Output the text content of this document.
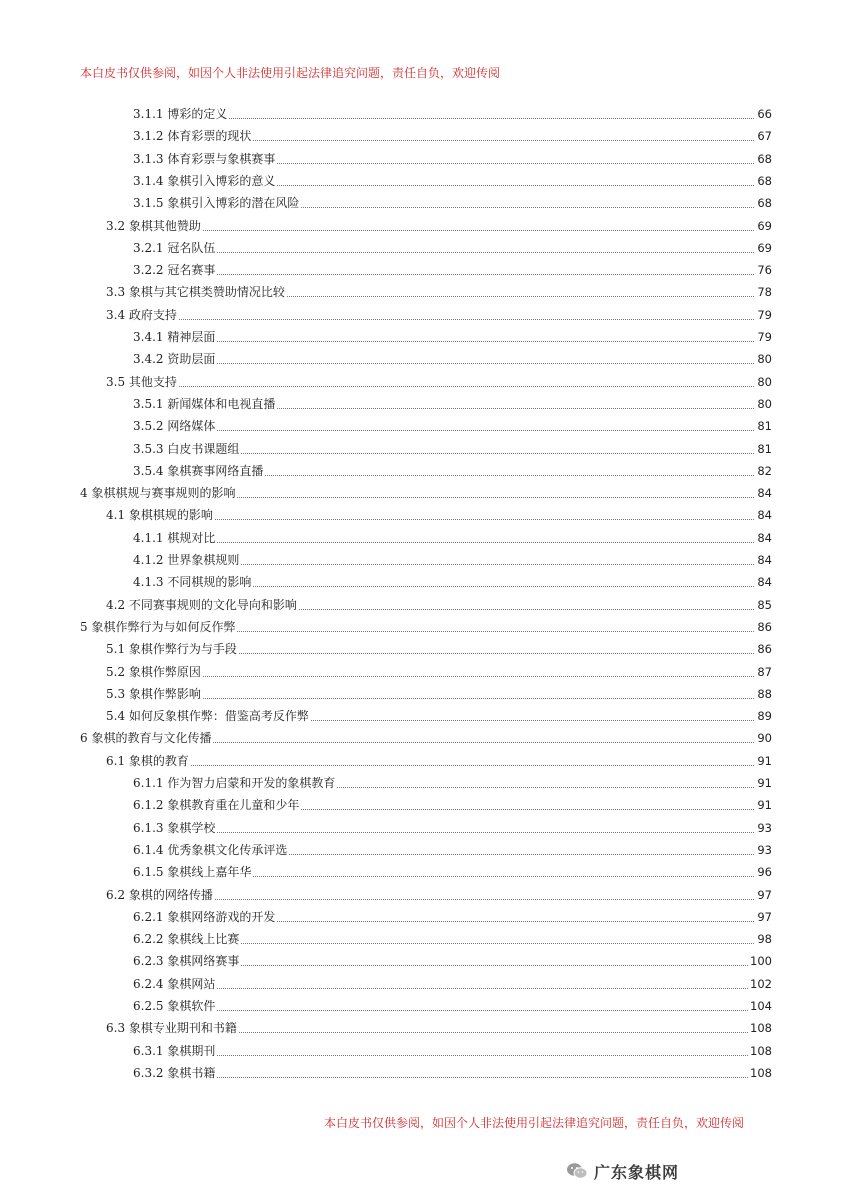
本白皮书仅供参阅，如因个人非法使用引起法律追究问题，责任自负，欢迎传阅
3.1.1 博彩的定义	66
3.1.2 体育彩票的现状	67
3.1.3 体育彩票与象棋赛事	68
3.1.4 象棋引入博彩的意义	68
3.1.5 象棋引入博彩的潜在风险	68
3.2 象棋其他赞助	69
3.2.1 冠名队伍	69
3.2.2 冠名赛事	76
3.3 象棋与其它棋类赞助情况比较	78
3.4 政府支持	79
3.4.1 精神层面	79
3.4.2 资助层面	80
3.5 其他支持	80
3.5.1 新闻媒体和电视直播	80
3.5.2 网络媒体	81
3.5.3 白皮书课题组	81
3.5.4 象棋赛事网络直播	82
4 象棋棋规与赛事规则的影响	84
4.1 象棋棋规的影响	84
4.1.1 棋规对比	84
4.1.2 世界象棋规则	84
4.1.3 不同棋规的影响	84
4.2 不同赛事规则的文化导向和影响	85
5 象棋作弊行为与如何反作弊	86
5.1 象棋作弊行为与手段	86
5.2 象棋作弊原因	87
5.3 象棋作弊影响	88
5.4 如何反象棋作弊：借鉴高考反作弊	89
6 象棋的教育与文化传播	90
6.1 象棋的教育	91
6.1.1 作为智力启蒙和开发的象棋教育	91
6.1.2 象棋教育重在儿童和少年	91
6.1.3 象棋学校	93
6.1.4 优秀象棋文化传承评选	93
6.1.5 象棋线上嘉年华	96
6.2 象棋的网络传播	97
6.2.1 象棋网络游戏的开发	97
6.2.2 象棋线上比赛	98
6.2.3 象棋网络赛事	100
6.2.4 象棋网站	102
6.2.5 象棋软件	104
6.3 象棋专业期刊和书籍	108
6.3.1 象棋期刊	108
6.3.2 象棋书籍	108
本白皮书仅供参阅，如因个人非法使用引起法律追究问题，责任自负，欢迎传阅
广东象棋网
